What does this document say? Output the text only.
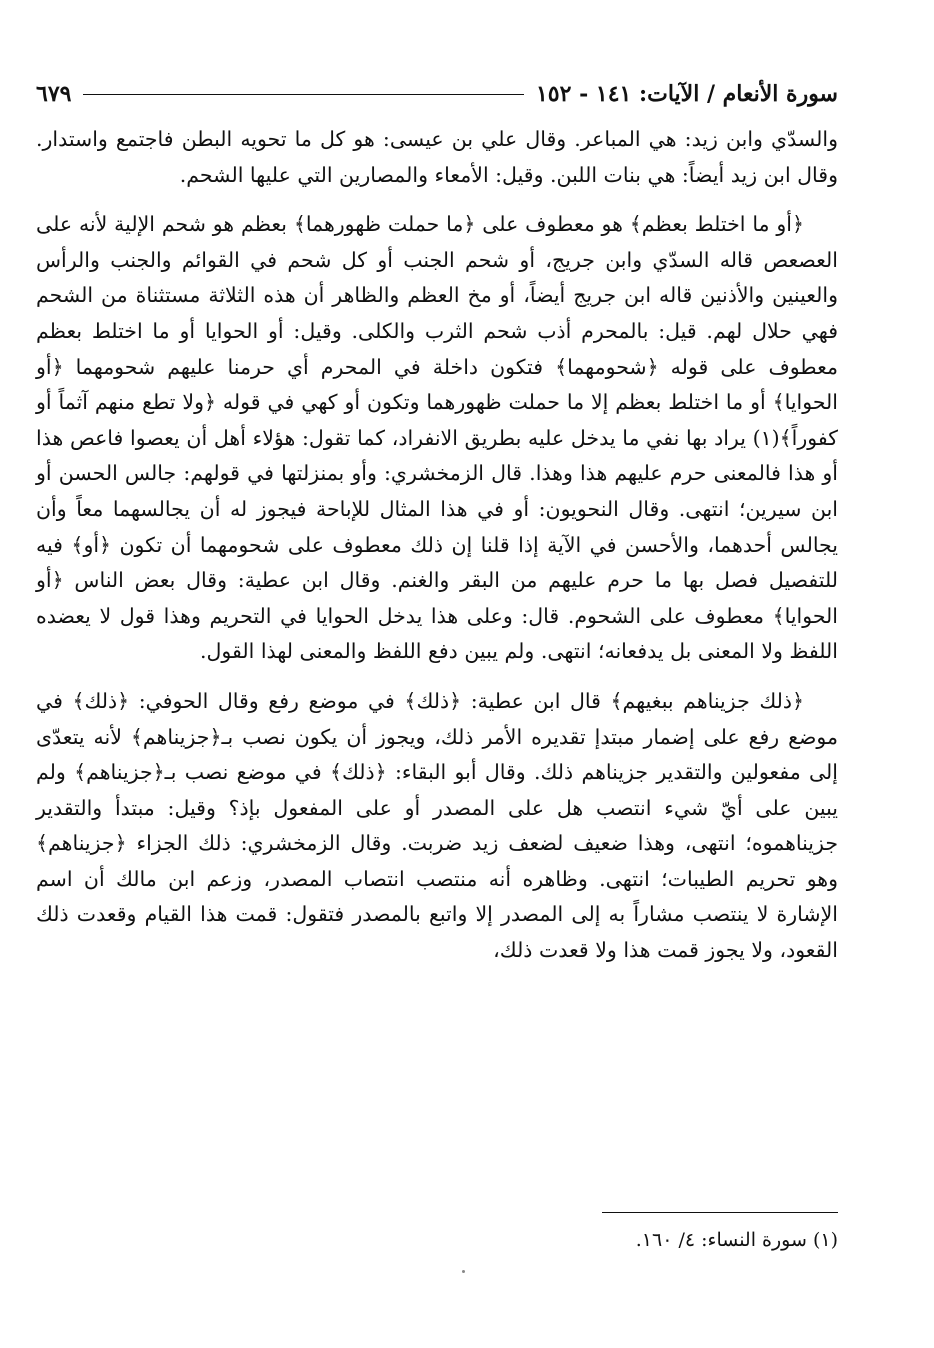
سورة الأنعام / الآيات: ١٤١ - ١٥٢
٦٧٩

والسدّي وابن زيد: هي المباعر. وقال علي بن عيسى: هو كل ما تحويه البطن فاجتمع واستدار. وقال ابن زيد أيضاً: هي بنات اللبن. وقيل: الأمعاء والمصارين التي عليها الشحم.

﴿أو ما اختلط بعظم﴾ هو معطوف على ﴿ما حملت ظهورهما﴾ بعظم هو شحم الإلية لأنه على العصعص قاله السدّي وابن جريج، أو شحم الجنب أو كل شحم في القوائم والجنب والرأس والعينين والأذنين قاله ابن جريج أيضاً، أو مخ العظم والظاهر أن هذه الثلاثة مستثناة من الشحم فهي حلال لهم. قيل: بالمحرم أذب شحم الثرب والكلى. وقيل: أو الحوايا أو ما اختلط بعظم معطوف على قوله ﴿شحومهما﴾ فتكون داخلة في المحرم أي حرمنا عليهم شحومهما ﴿أو الحوايا﴾ أو ما اختلط بعظم إلا ما حملت ظهورهما وتكون أو كهي في قوله ﴿ولا تطع منهم آثماً أو كفوراً﴾(١) يراد بها نفي ما يدخل عليه بطريق الانفراد، كما تقول: هؤلاء أهل أن يعصوا فاعص هذا أو هذا فالمعنى حرم عليهم هذا وهذا. قال الزمخشري: وأو بمنزلتها في قولهم: جالس الحسن أو ابن سيرين؛ انتهى. وقال النحويون: أو في هذا المثال للإباحة فيجوز له أن يجالسهما معاً وأن يجالس أحدهما، والأحسن في الآية إذا قلنا إن ذلك معطوف على شحومهما أن تكون ﴿أو﴾ فيه للتفصيل فصل بها ما حرم عليهم من البقر والغنم. وقال ابن عطية: وقال بعض الناس ﴿أو الحوايا﴾ معطوف على الشحوم. قال: وعلى هذا يدخل الحوايا في التحريم وهذا قول لا يعضده اللفظ ولا المعنى بل يدفعانه؛ انتهى. ولم يبين دفع اللفظ والمعنى لهذا القول.

﴿ذلك جزيناهم ببغيهم﴾ قال ابن عطية: ﴿ذلك﴾ في موضع رفع وقال الحوفي: ﴿ذلك﴾ في موضع رفع على إضمار مبتدإ تقديره الأمر ذلك، ويجوز أن يكون نصب بـ﴿جزيناهم﴾ لأنه يتعدّى إلى مفعولين والتقدير جزيناهم ذلك. وقال أبو البقاء: ﴿ذلك﴾ في موضع نصب بـ﴿جزيناهم﴾ ولم يبين على أيّ شيء انتصب هل على المصدر أو على المفعول بإذ؟ وقيل: مبتدأ والتقدير جزيناهموه؛ انتهى، وهذا ضعيف لضعف زيد ضربت. وقال الزمخشري: ذلك الجزاء ﴿جزيناهم﴾ وهو تحريم الطيبات؛ انتهى. وظاهره أنه منتصب انتصاب المصدر، وزعم ابن مالك أن اسم الإشارة لا ينتصب مشاراً به إلى المصدر إلا واتبع بالمصدر فتقول: قمت هذا القيام وقعدت ذلك القعود، ولا يجوز قمت هذا ولا قعدت ذلك،

(١) سورة النساء: ٤/ ١٦٠.
